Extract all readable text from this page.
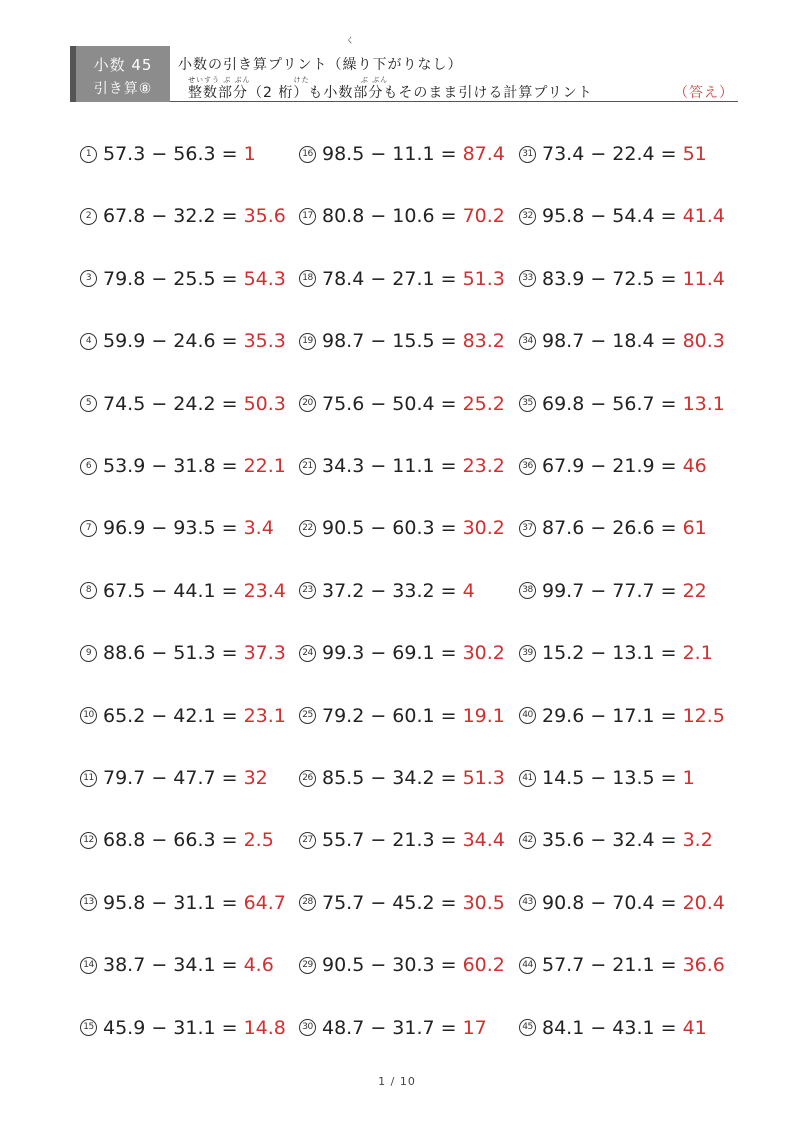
小数 45
引き算⑧
く
小数の引き算プリント（繰り下がりなし）
せいすう ぶ ぶん　　　　　 けた　　　　　　 ぶ ぶん
整数部分（2 桁）も小数部分もそのまま引ける計算プリント	（答え）
1 57.3 − 56.3 = 1
2 67.8 − 32.2 = 35.6
3 79.8 − 25.5 = 54.3
4 59.9 − 24.6 = 35.3
5 74.5 − 24.2 = 50.3
6 53.9 − 31.8 = 22.1
7 96.9 − 93.5 = 3.4
8 67.5 − 44.1 = 23.4
9 88.6 − 51.3 = 37.3
10 65.2 − 42.1 = 23.1
11 79.7 − 47.7 = 32
12 68.8 − 66.3 = 2.5
13 95.8 − 31.1 = 64.7
14 38.7 − 34.1 = 4.6
15 45.9 − 31.1 = 14.8
16 98.5 − 11.1 = 87.4
17 80.8 − 10.6 = 70.2
18 78.4 − 27.1 = 51.3
19 98.7 − 15.5 = 83.2
20 75.6 − 50.4 = 25.2
21 34.3 − 11.1 = 23.2
22 90.5 − 60.3 = 30.2
23 37.2 − 33.2 = 4
24 99.3 − 69.1 = 30.2
25 79.2 − 60.1 = 19.1
26 85.5 − 34.2 = 51.3
27 55.7 − 21.3 = 34.4
28 75.7 − 45.2 = 30.5
29 90.5 − 30.3 = 60.2
30 48.7 − 31.7 = 17
31 73.4 − 22.4 = 51
32 95.8 − 54.4 = 41.4
33 83.9 − 72.5 = 11.4
34 98.7 − 18.4 = 80.3
35 69.8 − 56.7 = 13.1
36 67.9 − 21.9 = 46
37 87.6 − 26.6 = 61
38 99.7 − 77.7 = 22
39 15.2 − 13.1 = 2.1
40 29.6 − 17.1 = 12.5
41 14.5 − 13.5 = 1
42 35.6 − 32.4 = 3.2
43 90.8 − 70.4 = 20.4
44 57.7 − 21.1 = 36.6
45 84.1 − 43.1 = 41
1 / 10
